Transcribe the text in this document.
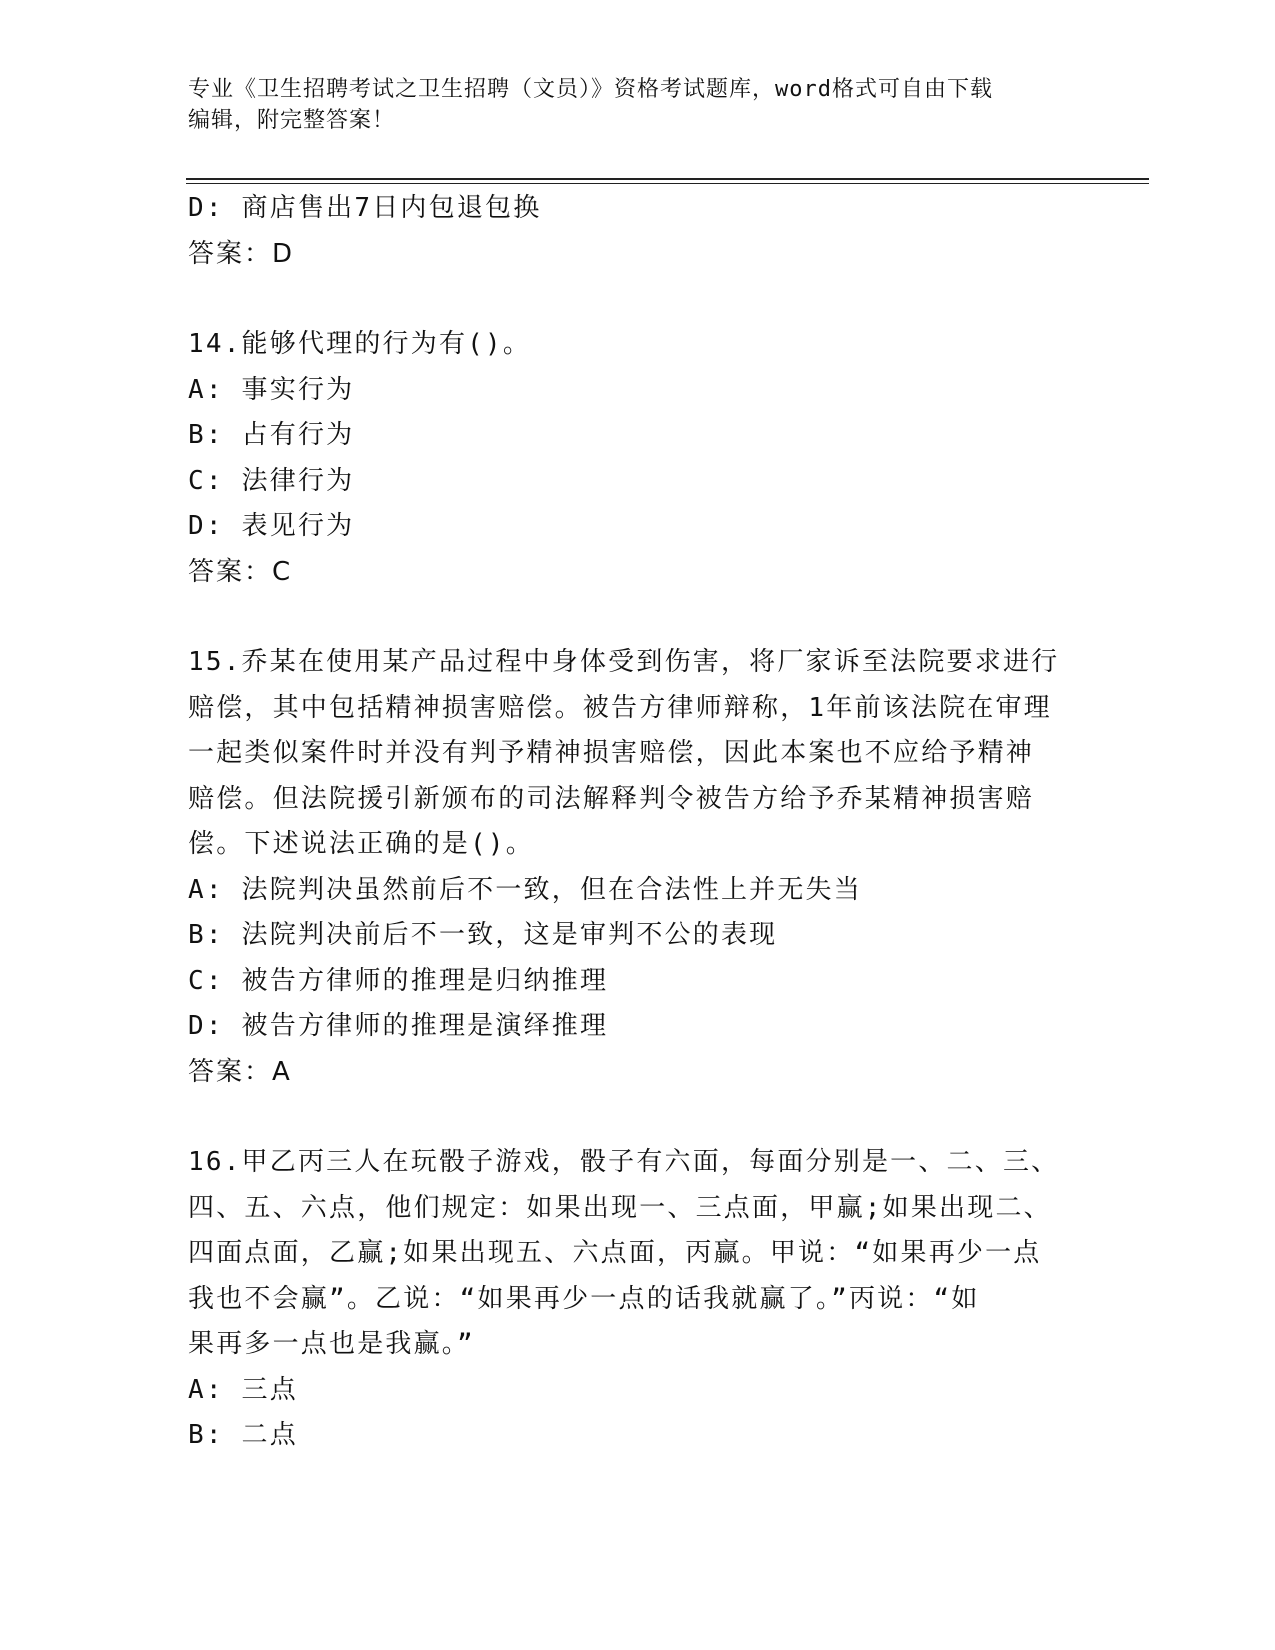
专业《卫生招聘考试之卫生招聘（文员）》资格考试题库，word格式可自由下载
编辑，附完整答案！
D: 商店售出7日内包退包换
答案：D
14.能够代理的行为有()。
A: 事实行为
B: 占有行为
C: 法律行为
D: 表见行为
答案：C
15.乔某在使用某产品过程中身体受到伤害，将厂家诉至法院要求进行
赔偿，其中包括精神损害赔偿。被告方律师辩称，1年前该法院在审理
一起类似案件时并没有判予精神损害赔偿，因此本案也不应给予精神
赔偿。但法院援引新颁布的司法解释判令被告方给予乔某精神损害赔
偿。下述说法正确的是()。
A: 法院判决虽然前后不一致，但在合法性上并无失当
B: 法院判决前后不一致，这是审判不公的表现
C: 被告方律师的推理是归纳推理
D: 被告方律师的推理是演绎推理
答案：A
16.甲乙丙三人在玩骰子游戏，骰子有六面，每面分别是一、二、三、
四、五、六点，他们规定：如果出现一、三点面，甲赢;如果出现二、
四面点面，乙赢;如果出现五、六点面，丙赢。甲说：“如果再少一点
我也不会赢”。乙说：“如果再少一点的话我就赢了。”丙说：“如
果再多一点也是我赢。”
A: 三点
B: 二点
